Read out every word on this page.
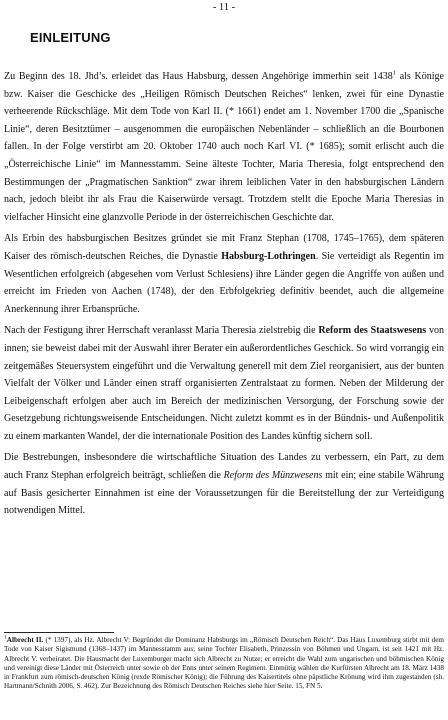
- 11 -
EINLEITUNG

Zu Beginn des 18. Jhd’s. erleidet das Haus Habsburg, dessen Angehörige immerhin seit 1438$^1$ als Könige bzw. Kaiser die Geschicke des „Heiligen Römisch Deutschen Reiches“ lenken, zwei für eine Dynastie verheerende Rückschläge. Mit dem Tode von Karl II. (* 1661) endet am 1. November 1700 die „Spanische Linie“, deren Besitztümer – ausgenommen die europäischen Nebenländer – schließlich an die Bourbonen fallen. In der Folge verstirbt am 20. Oktober 1740 auch noch Karl VI. (* 1685); somit erlischt auch die „Österreichische Linie“ im Mannesstamm. Seine älteste Tochter, Maria Theresia, folgt entsprechend den Bestimmungen der „Pragmatischen Sanktion“ zwar ihrem leiblichen Vater in den habsburgischen Ländern nach, jedoch bleibt ihr als Frau die Kaiserwürde versagt. Trotzdem stellt die Epoche Maria Theresias in vielfacher Hinsicht eine glanzvolle Periode in der österreichischen Geschichte dar.

Als Erbin des habsburgischen Besitzes gründet sie mit Franz Stephan (1708, 1745–1765), dem späteren Kaiser des römisch-deutschen Reiches, die Dynastie Habsburg-Lothringen. Sie verteidigt als Regentin im Wesentlichen erfolgreich (abgesehen vom Verlust Schlesiens) ihre Länder gegen die Angriffe von außen und erreicht im Frieden von Aachen (1748), der den Erbfolgekrieg definitiv beendet, auch die allgemeine Anerkennung ihrer Erbansprüche.

Nach der Festigung ihrer Herrschaft veranlasst Maria Theresia zielstrebig die Reform des Staatswesens von innen; sie beweist dabei mit der Auswahl ihrer Berater ein außerordentliches Geschick. So wird vorrangig ein zeitgemäßes Steuersystem eingeführt und die Verwaltung generell mit dem Ziel reorganisiert, aus der bunten Vielfalt der Völker und Länder einen straff organisierten Zentralstaat zu formen. Neben der Milderung der Leibeigenschaft erfolgen aber auch im Bereich der medizinischen Versorgung, der Forschung sowie der Gesetzgebung richtungsweisende Entscheidungen. Nicht zuletzt kommt es in der Bündnis- und Außenpolitik zu einem markanten Wandel, der die internationale Position des Landes künftig sichern soll.

Die Bestrebungen, insbesondere die wirtschaftliche Situation des Landes zu verbessern, ein Part, zu dem auch Franz Stephan erfolgreich beiträgt, schließen die Reform des Münzwesens mit ein; eine stabile Währung auf Basis gesicherter Einnahmen ist eine der Voraussetzungen für die Bereitstellung der zur Verteidigung notwendigen Mittel.

$^1$Albrecht II. (* 1397), als Hz. Albrecht V: Begründet die Dominanz Habsburgs im „Römisch Deutschen Reich“. Das Haus Luxemburg stirbt mit dem Tode von Kaiser Sigismund (1368–1437) im Mannesstamm aus; seine Tochter Elisabeth, Prinzessin von Böhmen und Ungarn, ist seit 1421 mit Hz. Albrecht V. verheiratet. Die Hausmacht der Luxemburger macht sich Albrecht zu Nutze; er erreicht die Wahl zum ungarischen und böhmischen König und vereinigt diese Länder mit Österreich unter sowie ob der Enns unter seinem Regiment. Einmütig wählen die Kurfürsten Albrecht am 18. März 1438 in Frankfurt zum römisch-deutschen König (rexde Römischer König); die Führung des Kaisertitels ohne päpstliche Krönung wird ihm zugestanden (sh. Hartmann/Schnith 2006, S. 462). Zur Bezeichnung des Römisch Deutschen Reiches siehe hier Seite. 15, FN 5.
